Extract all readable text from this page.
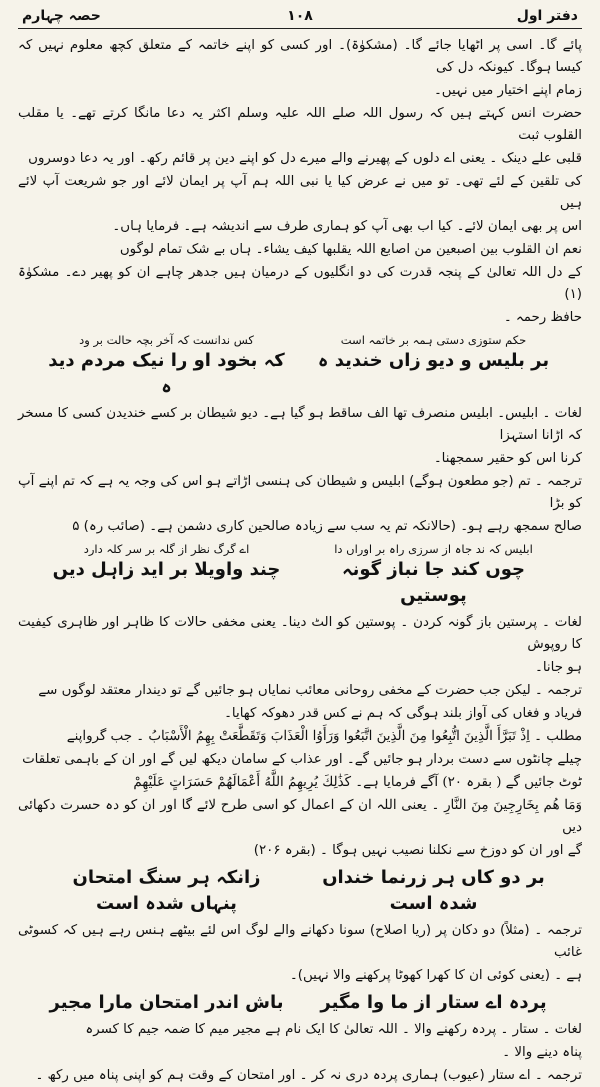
دفتر اول
۱۰۸
حصہ چہارم
پائے گا۔ اسی پر اٹھایا جائے گا۔ (مشکوٰۃ)۔ اور کسی کو اپنے خاتمہ کے متعلق کچھ معلوم نہیں کہ کیسا ہوگا۔ کیونکہ دل کی
زمام اپنے اختیار میں نہیں۔
حضرت انس کہتے ہیں کہ رسول اللہ صلے اللہ علیہ وسلم اکثر یہ دعا مانگا کرتے تھے۔ یا مقلب القلوب ثبت
قلبی علے دینک ۔ یعنی اے دلوں کے پھیرنے والے میرے دل کو اپنے دین پر قائم رکھ۔ اور یہ دعا دوسروں
کی تلقین کے لئے تھی۔ تو میں نے عرض کیا یا نبی اللہ ہم آپ پر ایمان لائے اور جو شریعت آپ لائے ہیں
اس پر بھی ایمان لائے۔ کیا اب بھی آپ کو ہماری طرف سے اندیشہ ہے۔ فرمایا ہاں۔
نعم ان القلوب بین اصبعین من اصابع اللہ یقلبھا کیف یشاء۔ ہاں بے شک تمام لوگوں
کے دل اللہ تعالیٰ کے پنجہ قدرت کی دو انگلیوں کے درمیان ہیں جدھر چاہے ان کو پھیر دے۔ مشکوٰۃ (۱)
حافظ رحمہ ۔
حکم ستوزی دستی ہمہ بر خاتمہ است
کس ندانست کہ آخر بچہ حالت بر ود
بر بلیس و دیو زاں خندید ہ
کہ بخود او را نیک مردم دید ہ
لغات ۔ ابلیس۔ ابلیس منصرف تھا الف ساقط ہو گیا ہے۔ دیو شیطان بر کسے خندیدن کسی کا مسخر کہ اڑانا استہزا
کرنا اس کو حقیر سمجھنا۔
ترجمہ ۔ تم (جو مطعون ہوگے) ابلیس و شیطان کی ہنسی اڑاتے ہو اس کی وجہ یہ ہے کہ تم اپنے آپ کو بڑا
صالح سمجھ رہے ہو۔ (حالانکہ تم یہ سب سے زیادہ صالحین کاری دشمن ہے۔ (صائب رہ) ۵
ابلیس کہ ند جاہ از سرزی راہ بر اوراں دا
اے گرگ نظر از گلہ بر سر کلہ دارد
چوں کند جا نباز گونہ پوستیں
چند واویلا بر اید زاہل دیں
لغات ۔ پرستین باز گونہ کردن ۔ پوستین کو الٹ دینا۔ یعنی مخفی حالات کا ظاہر اور ظاہری کیفیت کا روپوش
ہو جانا۔
ترجمہ ۔ لیکن جب حضرت کے مخفی روحانی معائب نمایاں ہو جائیں گے تو دیندار معتقد لوگوں سے
فریاد و فغاں کی آواز بلند ہوگی کہ ہم نے کس قدر دھوکہ کھایا۔
مطلب ۔ اِذْ تَبَرَّأَ الَّذِینَ اتُّبِعُوا مِنَ الَّذِینَ اتَّبَعُوا وَرَأَوُا الْعَذَابَ وَتَقَطَّعَتْ بِهِمُ الْأَسْبَابُ ۔ جب گرواپنے
چیلے چانٹوں سے دست بردار ہو جائیں گے۔ اور عذاب کے سامان دیکھ لیں گے اور ان کے باہمی تعلقات
ٹوٹ جائیں گے ( بقرہ ۲۰) آگے فرمایا ہے۔ كَذَٰلِكَ يُرِيهِمُ اللَّهُ أَعْمَالَهُمْ حَسَرَاتٍ عَلَيْهِمْ
وَمَا هُم بِخَارِجِينَ مِنَ النَّارِ ۔ یعنی اللہ ان کے اعمال کو اسی طرح لائے گا اور ان کو دہ حسرت دکھائی دیں
گے اور ان کو دوزخ سے نکلنا نصیب نہیں ہوگا ۔ (بقرہ ۲۰۶)
بر دو کاں ہر زرنما خنداں شدہ است
زانکہ ہر سنگ امتحان پنہاں شدہ است
ترجمہ ۔ (مثلاً) دو دکان پر (ریا اصلاح) سونا دکھانے والے لوگ اس لئے بیٹھے ہنس رہے ہیں کہ کسوٹی غائب
ہے ۔ (یعنی کوئی ان کا کھرا کھوٹا پرکھنے والا نہیں)۔
پردہ اے ستار از ما وا مگیر
باش اندر امتحان مارا مجیر
لغات ۔ ستار ۔ پردہ رکھنے والا ۔ اللہ تعالیٰ کا ایک نام ہے مجیر میم کا ضمہ جیم کا کسرہ
پناہ دینے والا ۔
ترجمہ ۔ اے ستار (عیوب) ہماری پردہ دری نہ کر ۔ اور امتحان کے وقت ہم کو اپنی پناہ میں رکھ ۔
